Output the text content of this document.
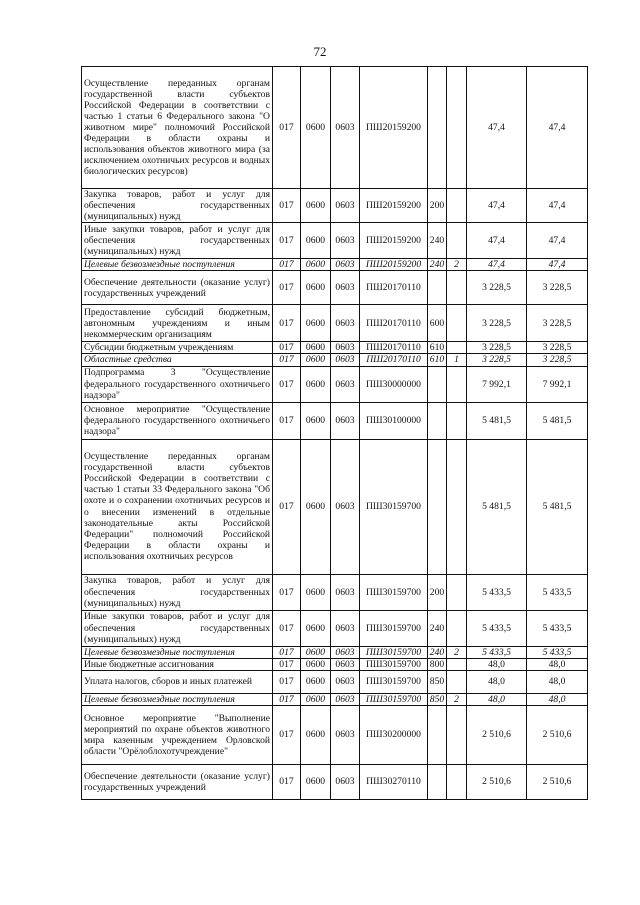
72
Осуществление переданных органам государственной власти субъектов Российской Федерации в соответствии с частью 1 статьи 6 Федерального закона "О животном мире" полномочий Российской Федерации в области охраны и использования объектов животного мира (за исключением охотничьих ресурсов и водных биологических ресурсов)	017	0600	0603	ПШ20159200			47,4	47,4
Закупка товаров, работ и услуг для обеспечения государственных (муниципальных) нужд	017	0600	0603	ПШ20159200	200		47,4	47,4
Иные закупки товаров, работ и услуг для обеспечения государственных (муниципальных) нужд	017	0600	0603	ПШ20159200	240		47,4	47,4
Целевые безвозмездные поступления	017	0600	0603	ПШ20159200	240	2	47,4	47,4
Обеспечение деятельности (оказание услуг) государственных учреждений	017	0600	0603	ПШ20170110			3 228,5	3 228,5
Предоставление субсидий бюджетным, автономным учреждениям и иным некоммерческим организациям	017	0600	0603	ПШ20170110	600		3 228,5	3 228,5
Субсидии бюджетным учреждениям	017	0600	0603	ПШ20170110	610		3 228,5	3 228,5
Областные средства	017	0600	0603	ПШ20170110	610	1	3 228,5	3 228,5
Подпрограмма 3 "Осуществление федерального государственного охотничьего надзора"	017	0600	0603	ПШ30000000			7 992,1	7 992,1
Основное мероприятие "Осуществление федерального государственного охотничьего надзора"	017	0600	0603	ПШ30100000			5 481,5	5 481,5
Осуществление переданных органам государственной власти субъектов Российской Федерации в соответствии с частью 1 статьи 33 Федерального закона "Об охоте и о сохранении охотничьих ресурсов и о внесении изменений в отдельные законодательные акты Российской Федерации" полномочий Российской Федерации в области охраны и использования охотничьих ресурсов	017	0600	0603	ПШ30159700			5 481,5	5 481,5
Закупка товаров, работ и услуг для обеспечения государственных (муниципальных) нужд	017	0600	0603	ПШ30159700	200		5 433,5	5 433,5
Иные закупки товаров, работ и услуг для обеспечения государственных (муниципальных) нужд	017	0600	0603	ПШ30159700	240		5 433,5	5 433,5
Целевые безвозмездные поступления	017	0600	0603	ПШ30159700	240	2	5 433,5	5 433,5
Иные бюджетные ассигнования	017	0600	0603	ПШ30159700	800		48,0	48,0
Уплата налогов, сборов и иных платежей	017	0600	0603	ПШ30159700	850		48,0	48,0
Целевые безвозмездные поступления	017	0600	0603	ПШ30159700	850	2	48,0	48,0
Основное мероприятие "Выполнение мероприятий по охране объектов животного мира казенным учреждением Орловской области "Орёлоблохотучреждение"	017	0600	0603	ПШ30200000			2 510,6	2 510,6
Обеспечение деятельности (оказание услуг) государственных учреждений	017	0600	0603	ПШ30270110			2 510,6	2 510,6
